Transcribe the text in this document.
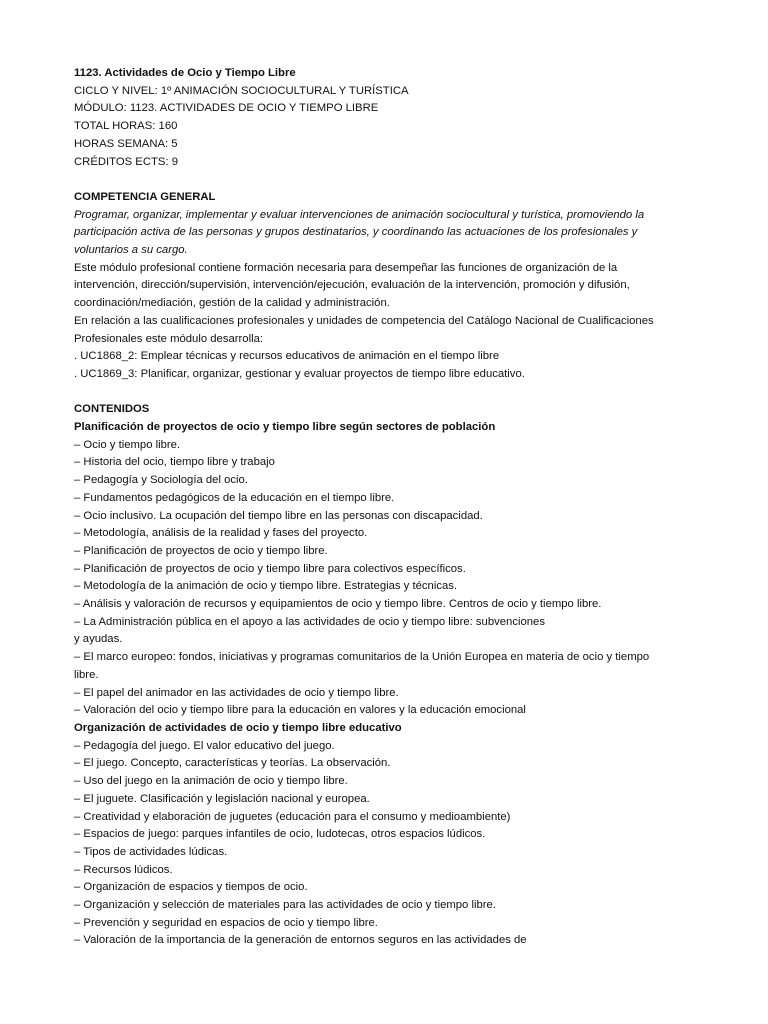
1123. Actividades de Ocio y Tiempo Libre
CICLO Y NIVEL: 1º ANIMACIÓN SOCIOCULTURAL Y TURÍSTICA
MÓDULO: 1123. ACTIVIDADES DE OCIO Y TIEMPO LIBRE
TOTAL HORAS: 160
HORAS SEMANA: 5
CRÉDITOS ECTS: 9
COMPETENCIA GENERAL
Programar, organizar, implementar y evaluar intervenciones de animación sociocultural y turística, promoviendo la
participación activa de las personas y grupos destinatarios, y coordinando las actuaciones de los profesionales y
voluntarios a su cargo.
Este módulo profesional contiene formación necesaria para desempeñar las funciones de organización de la
intervención, dirección/supervisión, intervención/ejecución, evaluación de la intervención, promoción y difusión,
coordinación/mediación, gestión de la calidad y administración.
En relación a las cualificaciones profesionales y unidades de competencia del Catálogo Nacional de Cualificaciones
Profesionales este módulo desarrolla:
. UC1868_2: Emplear técnicas y recursos educativos de animación en el tiempo libre
. UC1869_3: Planificar, organizar, gestionar y evaluar proyectos de tiempo libre educativo.
CONTENIDOS
Planificación de proyectos de ocio y tiempo libre según sectores de población
– Ocio y tiempo libre.
– Historia del ocio, tiempo libre y trabajo
– Pedagogía y Sociología del ocio.
– Fundamentos pedagógicos de la educación en el tiempo libre.
– Ocio inclusivo. La ocupación del tiempo libre en las personas con discapacidad.
– Metodología, análisis de la realidad y fases del proyecto.
– Planificación de proyectos de ocio y tiempo libre.
– Planificación de proyectos de ocio y tiempo libre para colectivos específicos.
– Metodología de la animación de ocio y tiempo libre. Estrategias y técnicas.
– Análisis y valoración de recursos y equipamientos de ocio y tiempo libre. Centros de ocio y tiempo libre.
– La Administración pública en el apoyo a las actividades de ocio y tiempo libre: subvenciones
y ayudas.
– El marco europeo: fondos, iniciativas y programas comunitarios de la Unión Europea en materia de ocio y tiempo
libre.
– El papel del animador en las actividades de ocio y tiempo libre.
– Valoración del ocio y tiempo libre para la educación en valores y la educación emocional
Organización de actividades de ocio y tiempo libre educativo
– Pedagogía del juego. El valor educativo del juego.
– El juego. Concepto, características y teorías. La observación.
– Uso del juego en la animación de ocio y tiempo libre.
– El juguete. Clasificación y legislación nacional y europea.
– Creatividad y elaboración de juguetes (educación para el consumo y medioambiente)
– Espacios de juego: parques infantiles de ocio, ludotecas, otros espacios lúdicos.
– Tipos de actividades lúdicas.
– Recursos lúdicos.
– Organización de espacios y tiempos de ocio.
– Organización y selección de materiales para las actividades de ocio y tiempo libre.
– Prevención y seguridad en espacios de ocio y tiempo libre.
– Valoración de la importancia de la generación de entornos seguros en las actividades de
